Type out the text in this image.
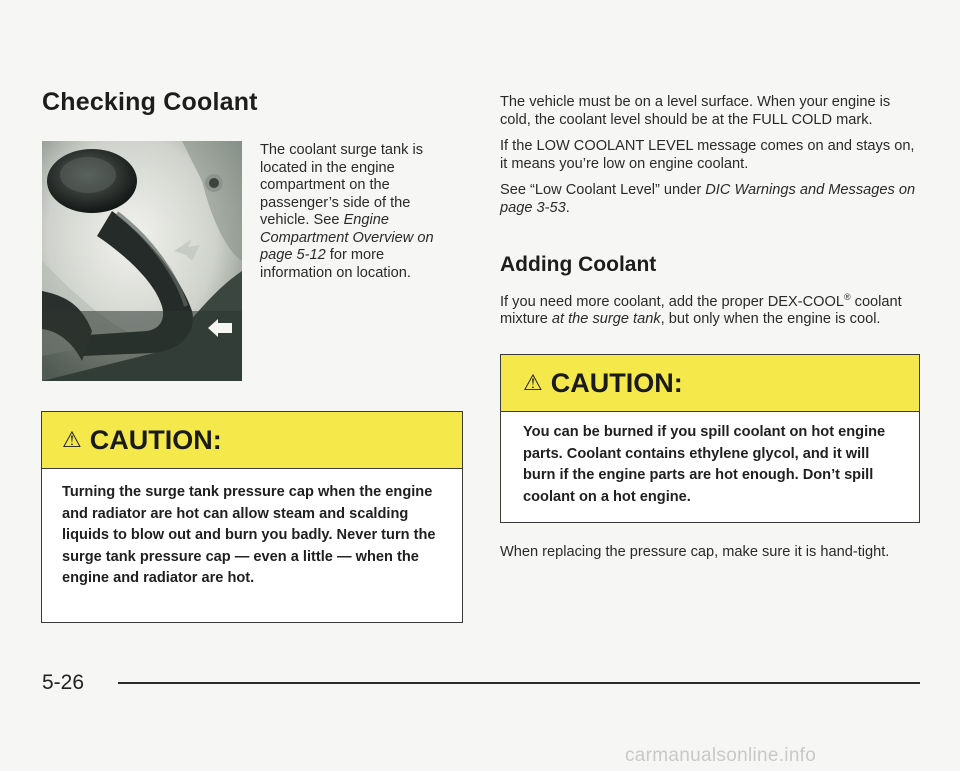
Checking Coolant
The coolant surge tank is located in the engine compartment on the passenger’s side of the vehicle. See Engine Compartment Overview on page 5-12 for more information on location.
⚠ CAUTION:
Turning the surge tank pressure cap when the engine and radiator are hot can allow steam and scalding liquids to blow out and burn you badly. Never turn the surge tank pressure cap — even a little — when the engine and radiator are hot.

The vehicle must be on a level surface. When your engine is cold, the coolant level should be at the FULL COLD mark.

If the LOW COOLANT LEVEL message comes on and stays on, it means you’re low on engine coolant.

See “Low Coolant Level” under DIC Warnings and Messages on page 3-53.

Adding Coolant
If you need more coolant, add the proper DEX-COOL® coolant mixture at the surge tank, but only when the engine is cool.
⚠ CAUTION:
You can be burned if you spill coolant on hot engine parts. Coolant contains ethylene glycol, and it will burn if the engine parts are hot enough. Don’t spill coolant on a hot engine.
When replacing the pressure cap, make sure it is hand-tight.
5-26
carmanualsonline.info
